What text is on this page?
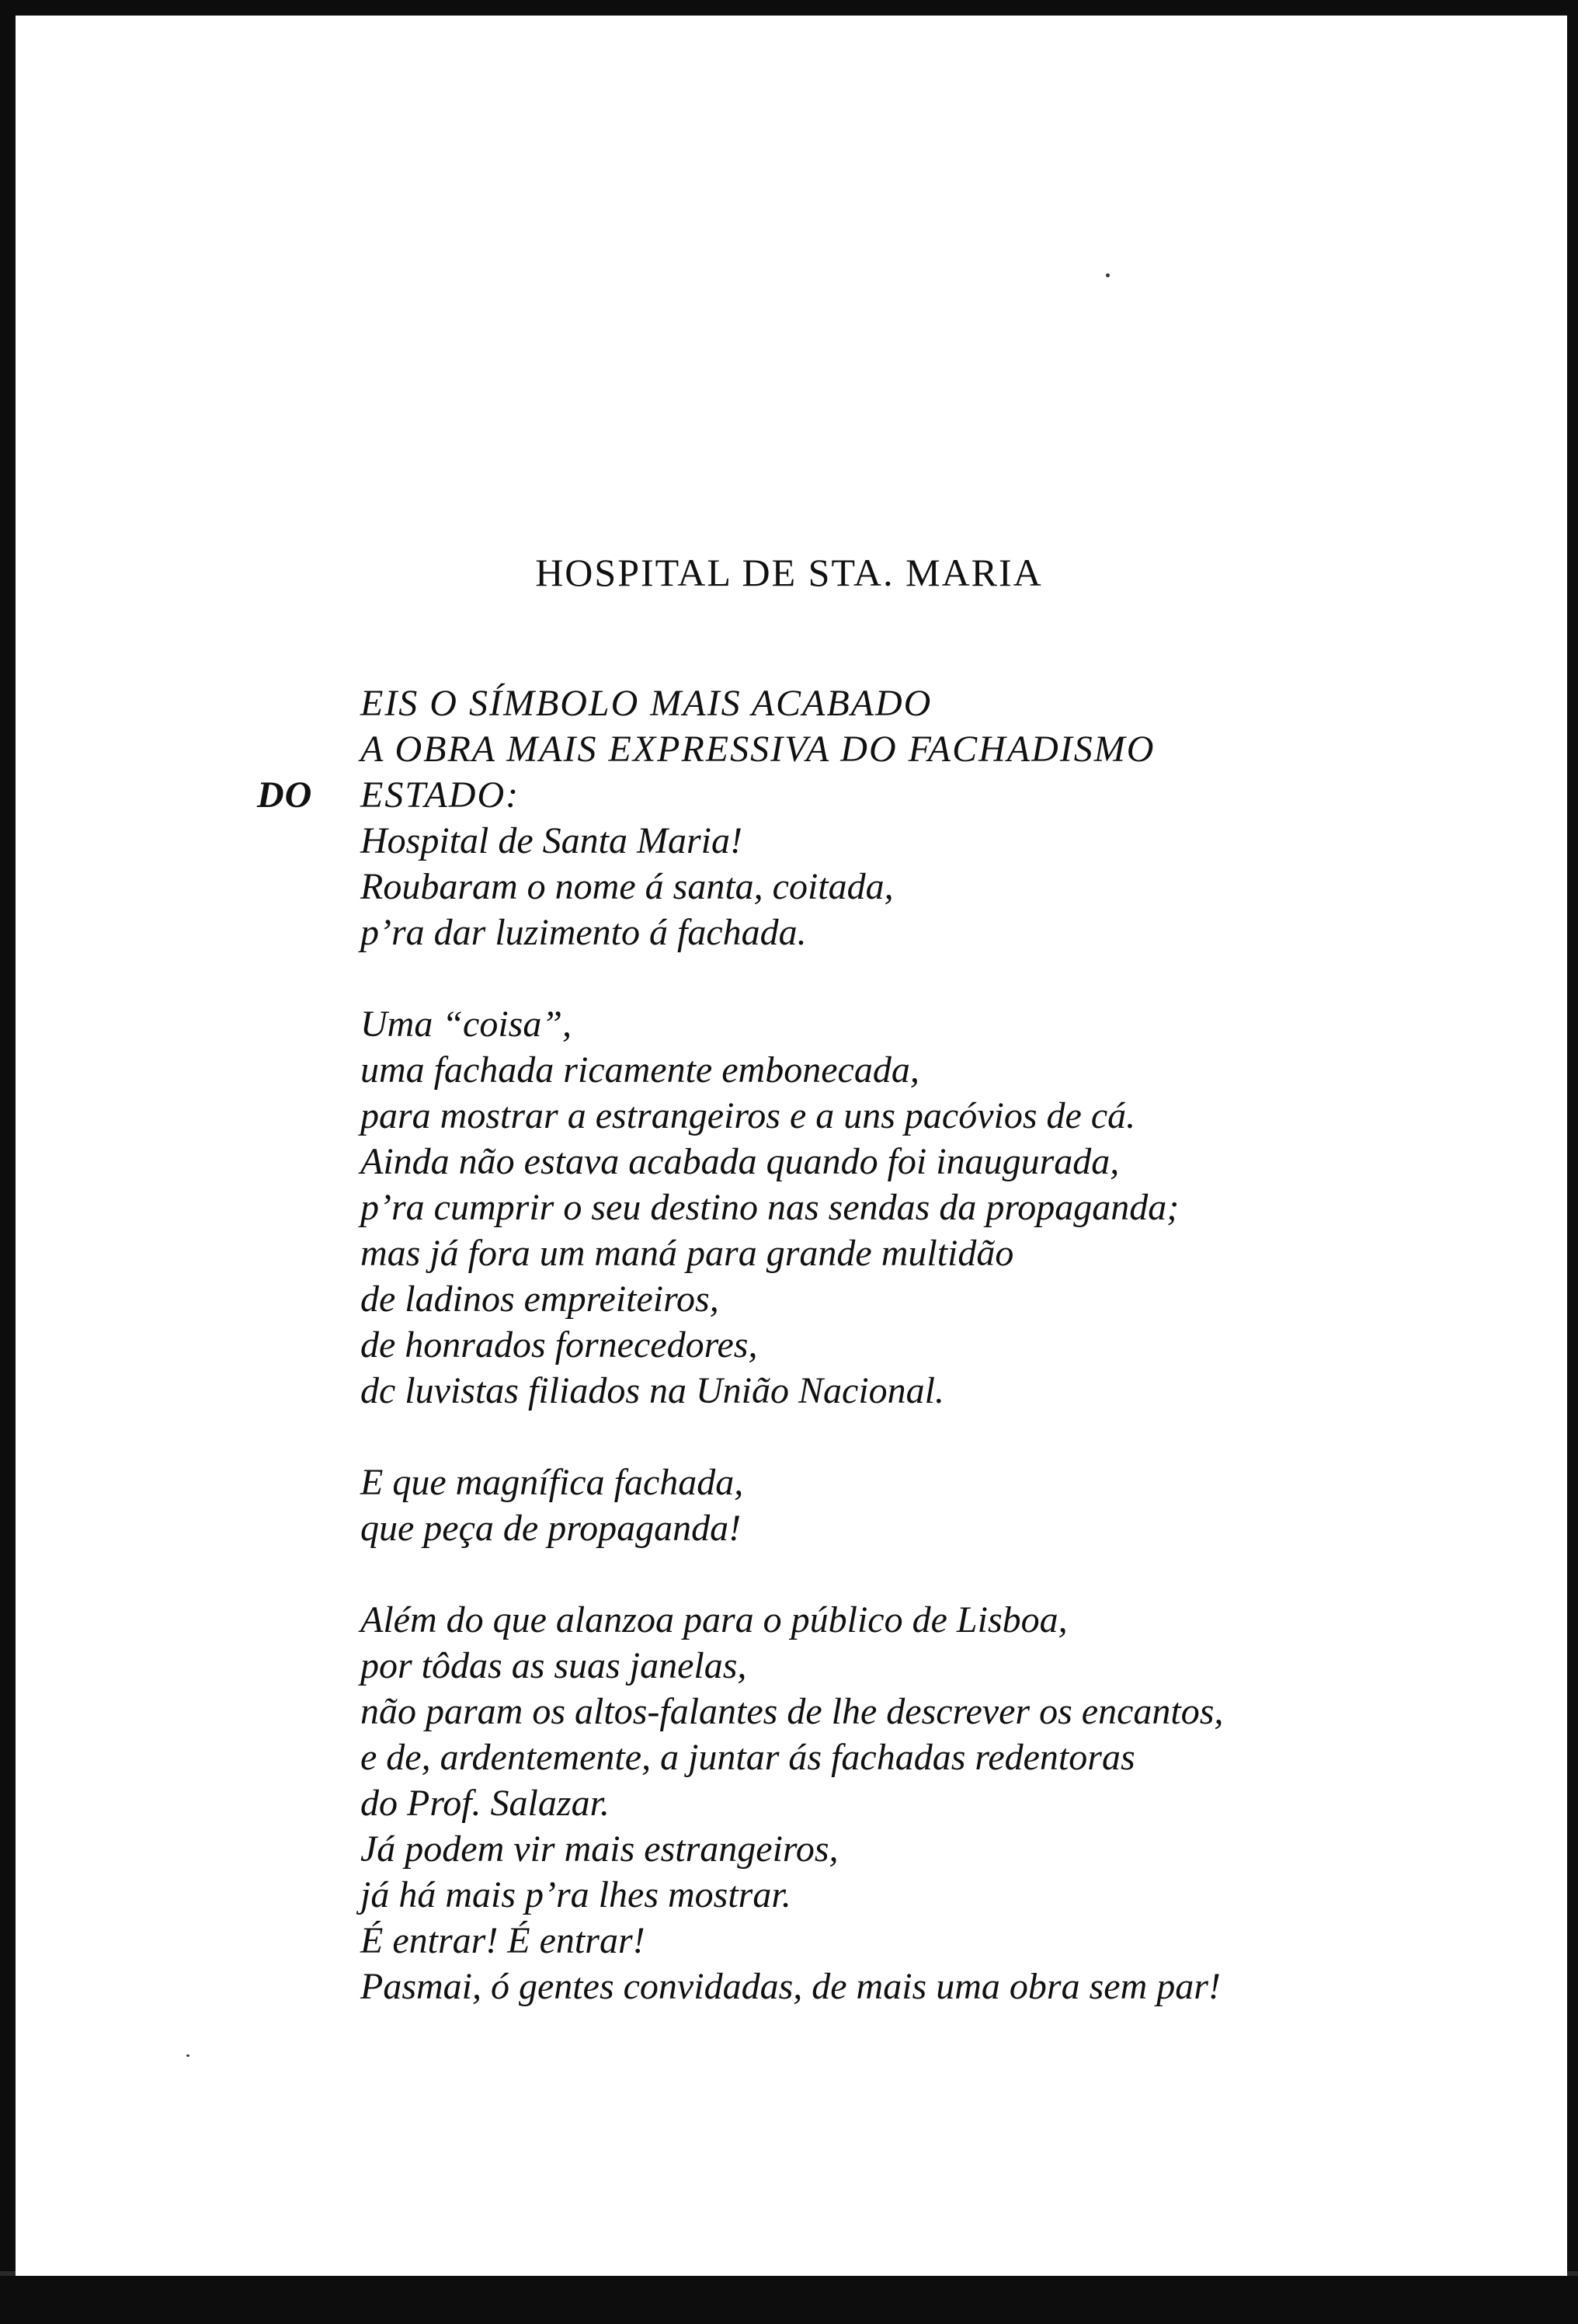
HOSPITAL DE STA. MARIA
EIS O SÍMBOLO MAIS ACABADO
A OBRA MAIS EXPRESSIVA DO FACHADISMO
DO ESTADO:
Hospital de Santa Maria!
Roubaram o nome á santa, coitada,
p’ra dar luzimento á fachada.
Uma “coisa”,
uma fachada ricamente embonecada,
para mostrar a estrangeiros e a uns pacóvios de cá.
Ainda não estava acabada quando foi inaugurada,
p’ra cumprir o seu destino nas sendas da propaganda;
mas já fora um maná para grande multidão
de ladinos empreiteiros,
de honrados fornecedores,
dc luvistas filiados na União Nacional.
E que magnífica fachada,
que peça de propaganda!
Além do que alanzoa para o público de Lisboa,
por tôdas as suas janelas,
não param os altos-falantes de lhe descrever os encantos,
e de, ardentemente, a juntar ás fachadas redentoras
do Prof. Salazar.
Já podem vir mais estrangeiros,
já há mais p’ra lhes mostrar.
É entrar! É entrar!
Pasmai, ó gentes convidadas, de mais uma obra sem par!
